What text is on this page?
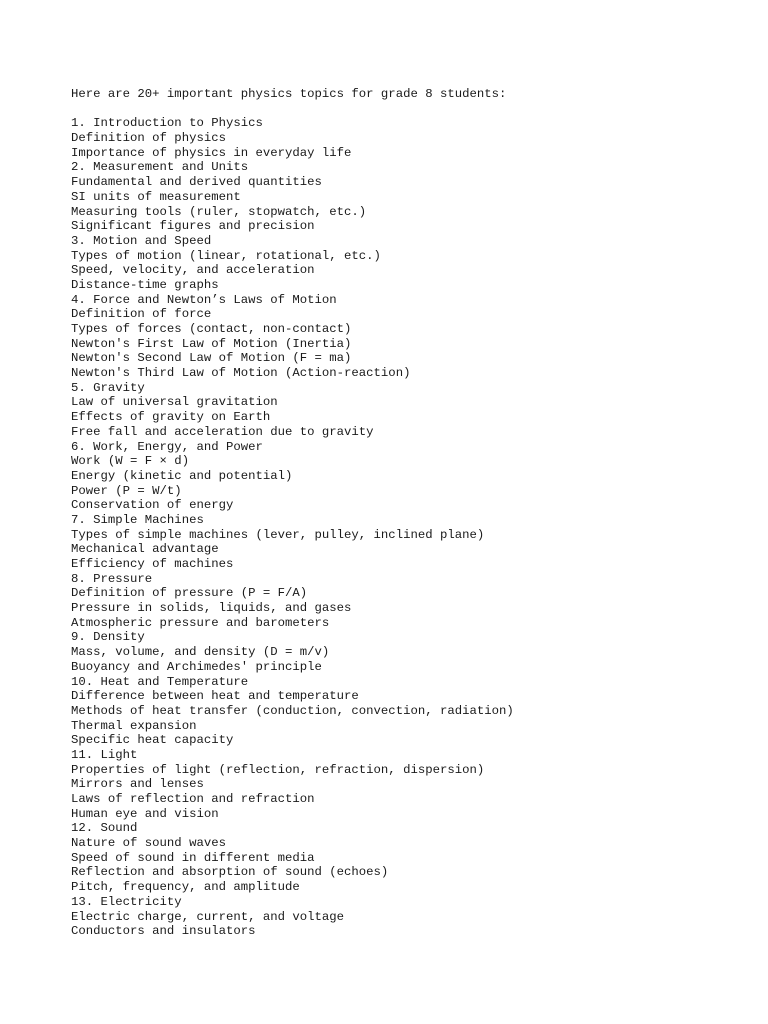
Here are 20+ important physics topics for grade 8 students:
1. Introduction to Physics
Definition of physics
Importance of physics in everyday life
2. Measurement and Units
Fundamental and derived quantities
SI units of measurement
Measuring tools (ruler, stopwatch, etc.)
Significant figures and precision
3. Motion and Speed
Types of motion (linear, rotational, etc.)
Speed, velocity, and acceleration
Distance-time graphs
4. Force and Newton’s Laws of Motion
Definition of force
Types of forces (contact, non-contact)
Newton's First Law of Motion (Inertia)
Newton's Second Law of Motion (F = ma)
Newton's Third Law of Motion (Action-reaction)
5. Gravity
Law of universal gravitation
Effects of gravity on Earth
Free fall and acceleration due to gravity
6. Work, Energy, and Power
Work (W = F × d)
Energy (kinetic and potential)
Power (P = W/t)
Conservation of energy
7. Simple Machines
Types of simple machines (lever, pulley, inclined plane)
Mechanical advantage
Efficiency of machines
8. Pressure
Definition of pressure (P = F/A)
Pressure in solids, liquids, and gases
Atmospheric pressure and barometers
9. Density
Mass, volume, and density (D = m/v)
Buoyancy and Archimedes' principle
10. Heat and Temperature
Difference between heat and temperature
Methods of heat transfer (conduction, convection, radiation)
Thermal expansion
Specific heat capacity
11. Light
Properties of light (reflection, refraction, dispersion)
Mirrors and lenses
Laws of reflection and refraction
Human eye and vision
12. Sound
Nature of sound waves
Speed of sound in different media
Reflection and absorption of sound (echoes)
Pitch, frequency, and amplitude
13. Electricity
Electric charge, current, and voltage
Conductors and insulators
